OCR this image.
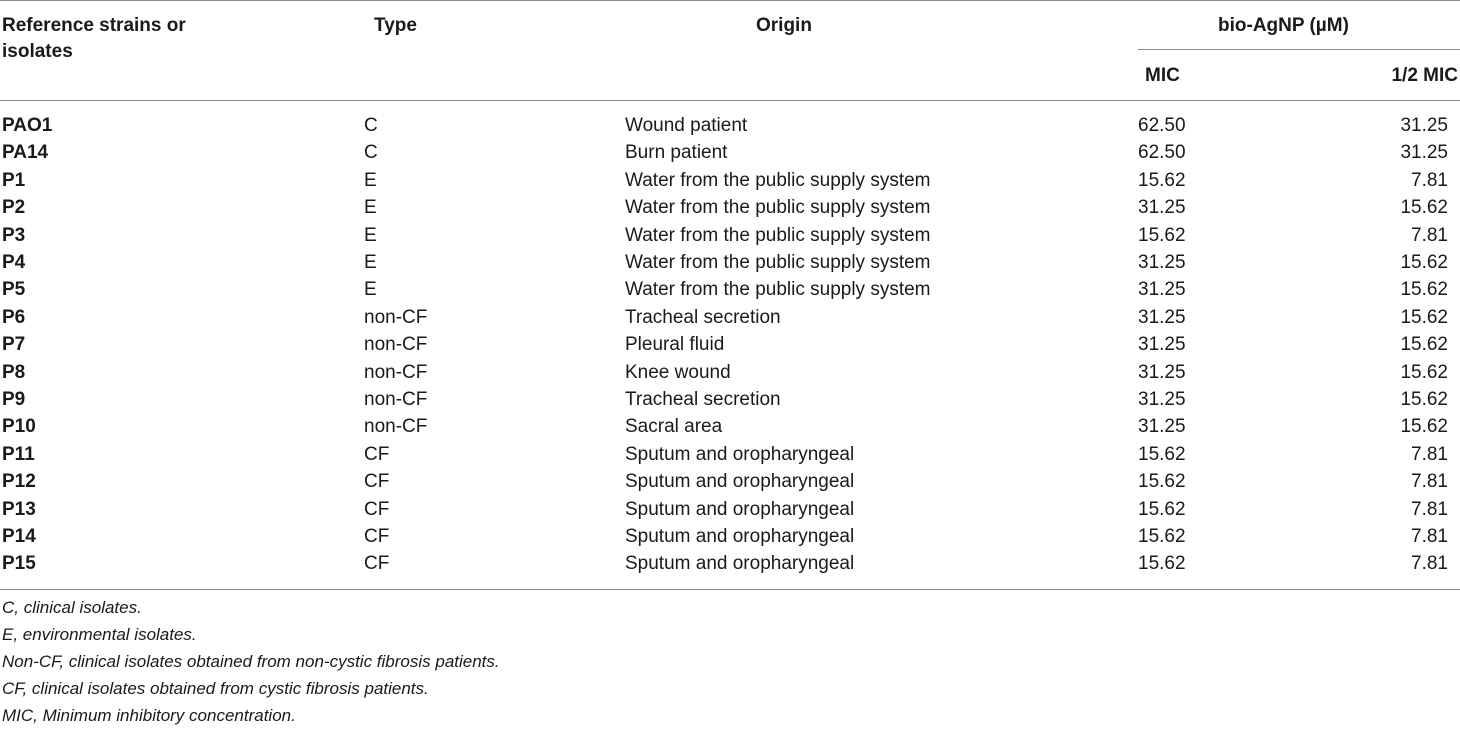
Reference strains or isolates
Type	Origin	bio-AgNP (µM)
MIC	1/2 MIC
PAO1	C	Wound patient	62.50	31.25
PA14	C	Burn patient	62.50	31.25
P1	E	Water from the public supply system	15.62	7.81
P2	E	Water from the public supply system	31.25	15.62
P3	E	Water from the public supply system	15.62	7.81
P4	E	Water from the public supply system	31.25	15.62
P5	E	Water from the public supply system	31.25	15.62
P6	non-CF	Tracheal secretion	31.25	15.62
P7	non-CF	Pleural fluid	31.25	15.62
P8	non-CF	Knee wound	31.25	15.62
P9	non-CF	Tracheal secretion	31.25	15.62
P10	non-CF	Sacral area	31.25	15.62
P11	CF	Sputum and oropharyngeal	15.62	7.81
P12	CF	Sputum and oropharyngeal	15.62	7.81
P13	CF	Sputum and oropharyngeal	15.62	7.81
P14	CF	Sputum and oropharyngeal	15.62	7.81
P15	CF	Sputum and oropharyngeal	15.62	7.81
C, clinical isolates.
E, environmental isolates.
Non-CF, clinical isolates obtained from non-cystic fibrosis patients.
CF, clinical isolates obtained from cystic fibrosis patients.
MIC, Minimum inhibitory concentration.
